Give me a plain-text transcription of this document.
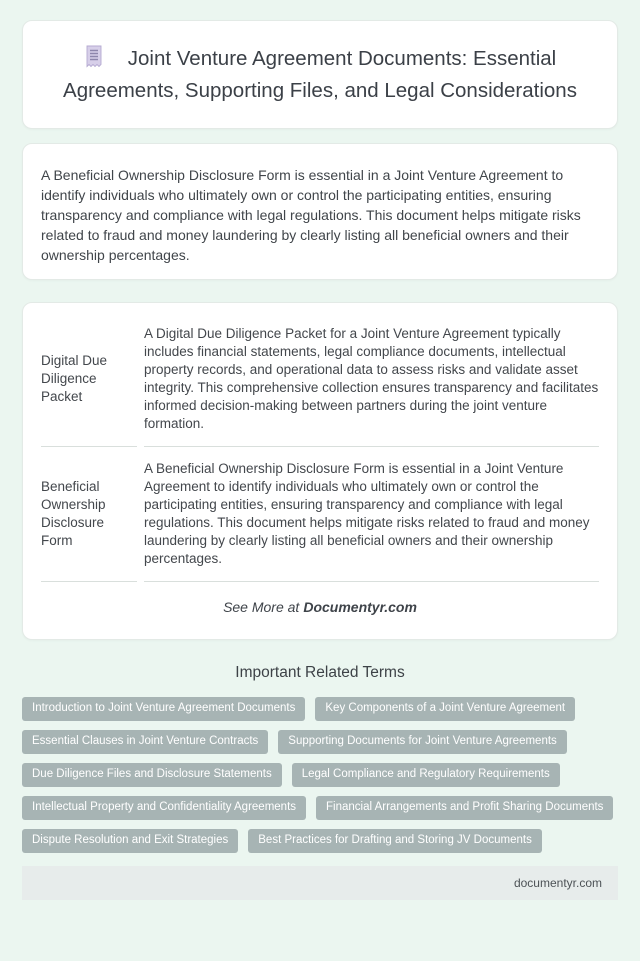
Joint Venture Agreement Documents: Essential Agreements, Supporting Files, and Legal Considerations

A Beneficial Ownership Disclosure Form is essential in a Joint Venture Agreement to identify individuals who ultimately own or control the participating entities, ensuring transparency and compliance with legal regulations. This document helps mitigate risks related to fraud and money laundering by clearly listing all beneficial owners and their ownership percentages.

Digital Due Diligence Packet	A Digital Due Diligence Packet for a Joint Venture Agreement typically includes financial statements, legal compliance documents, intellectual property records, and operational data to assess risks and validate asset integrity. This comprehensive collection ensures transparency and facilitates informed decision-making between partners during the joint venture formation.
Beneficial Ownership Disclosure Form	A Beneficial Ownership Disclosure Form is essential in a Joint Venture Agreement to identify individuals who ultimately own or control the participating entities, ensuring transparency and compliance with legal regulations. This document helps mitigate risks related to fraud and money laundering by clearly listing all beneficial owners and their ownership percentages.

See More at Documentyr.com

Important Related Terms
Introduction to Joint Venture Agreement Documents	Key Components of a Joint Venture Agreement
Essential Clauses in Joint Venture Contracts	Supporting Documents for Joint Venture Agreements
Due Diligence Files and Disclosure Statements	Legal Compliance and Regulatory Requirements
Intellectual Property and Confidentiality Agreements	Financial Arrangements and Profit Sharing Documents
Dispute Resolution and Exit Strategies	Best Practices for Drafting and Storing JV Documents
documentyr.com
